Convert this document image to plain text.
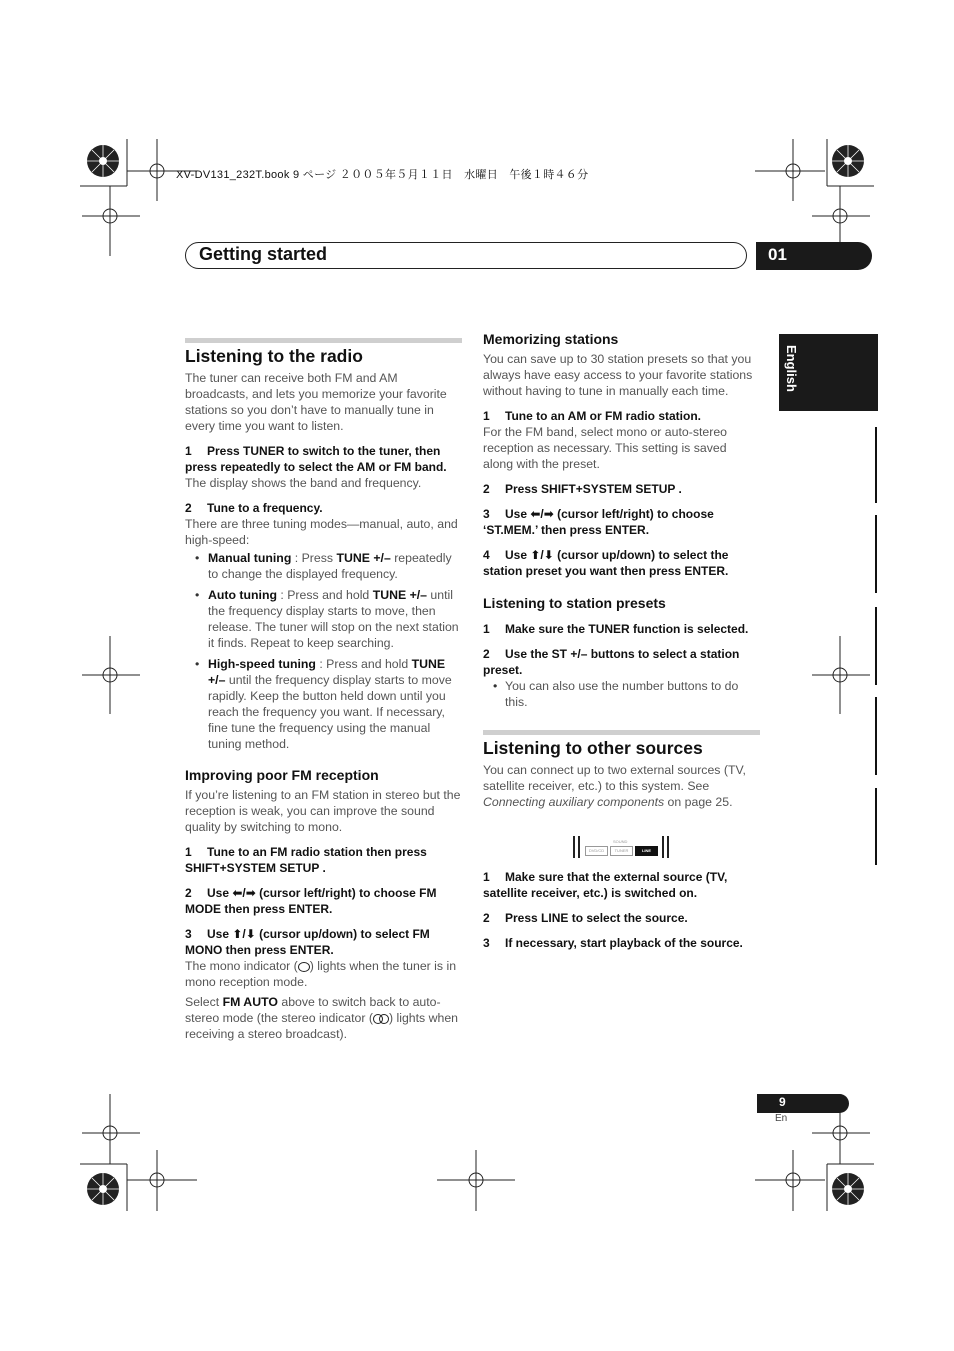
XV-DV131_232T.book 9 ページ ２００５年５月１１日　水曜日　午後１時４６分
Getting started	01
English
Listening to the radio

The tuner can receive both FM and AM broadcasts, and lets you memorize your favorite stations so you don’t have to manually tune in every time you want to listen.

1 Press TUNER to switch to the tuner, then press repeatedly to select the AM or FM band.

The display shows the band and frequency.

2 Tune to a frequency.

There are three tuning modes—manual, auto, and high-speed:

• Manual tuning : Press TUNE +/– repeatedly to change the displayed frequency.
• Auto tuning : Press and hold TUNE +/– until the frequency display starts to move, then release. The tuner will stop on the next station it finds. Repeat to keep searching.
• High-speed tuning : Press and hold TUNE +/– until the frequency display starts to move rapidly. Keep the button held down until you reach the frequency you want. If necessary, fine tune the frequency using the manual tuning method.
Improving poor FM reception

If you’re listening to an FM station in stereo but the reception is weak, you can improve the sound quality by switching to mono.

1 Tune to an FM radio station then press SHIFT+SYSTEM SETUP .

2 Use ⬅/➡ (cursor left/right) to choose FM MODE then press ENTER.

3 Use ⬆/⬇ (cursor up/down) to select FM MONO then press ENTER.

The mono indicator ( ) lights when the tuner is in mono reception mode.

Select FM AUTO above to switch back to auto-stereo mode (the stereo indicator ( ) lights when receiving a stereo broadcast).

Memorizing stations

You can save up to 30 station presets so that you always have easy access to your favorite stations without having to tune in manually each time.

1 Tune to an AM or FM radio station.

For the FM band, select mono or auto-stereo reception as necessary. This setting is saved along with the preset.

2 Press SHIFT+SYSTEM SETUP .

3 Use ⬅/➡ (cursor left/right) to choose ‘ST.MEM.’ then press ENTER.

4 Use ⬆/⬇ (cursor up/down) to select the station preset you want then press ENTER.

Listening to station presets

1 Make sure the TUNER function is selected.

2 Use the ST +/– buttons to select a station preset.

• You can also use the number buttons to do this.
Listening to other sources

You can connect up to two external sources (TV, satellite receiver, etc.) to this system. See Connecting auxiliary components on page 25.

DVD/CD
SOUND
TUNER	LINE

1 Make sure that the external source (TV, satellite receiver, etc.) is switched on.

2 Press LINE to select the source.

3 If necessary, start playback of the source.

9
En
